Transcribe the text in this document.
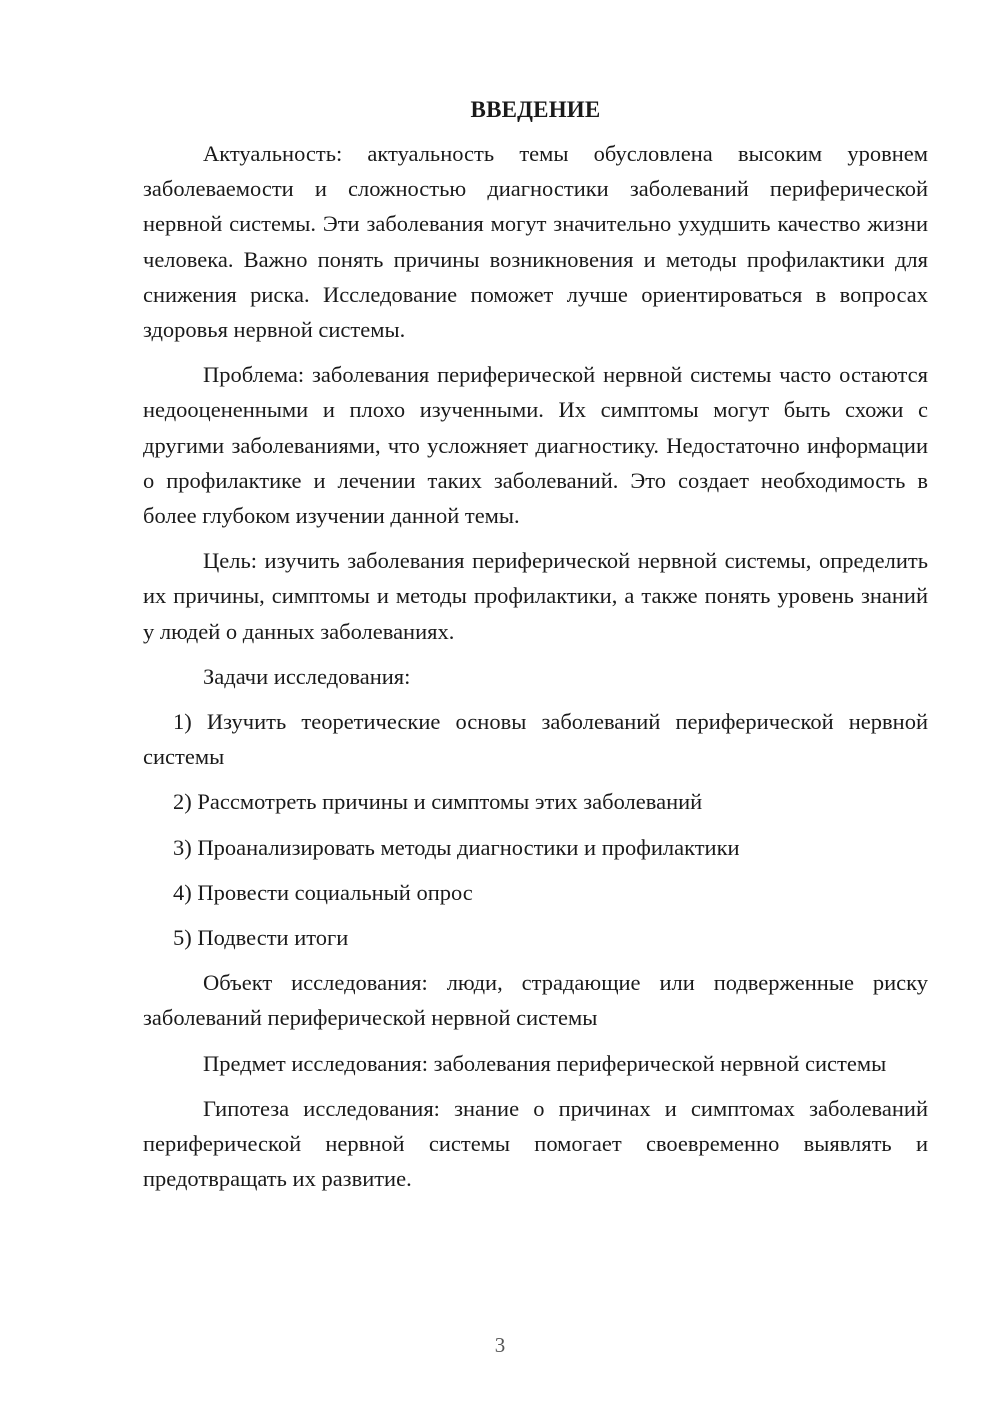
ВВЕДЕНИЕ

Актуальность: актуальность темы обусловлена высоким уровнем заболеваемости и сложностью диагностики заболеваний периферической нервной системы. Эти заболевания могут значительно ухудшить качество жизни человека. Важно понять причины возникновения и методы профилактики для снижения риска. Исследование поможет лучше ориентироваться в вопросах здоровья нервной системы.

Проблема: заболевания периферической нервной системы часто остаются недооцененными и плохо изученными. Их симптомы могут быть схожи с другими заболеваниями, что усложняет диагностику. Недостаточно информации о профилактике и лечении таких заболеваний. Это создает необходимость в более глубоком изучении данной темы.

Цель: изучить заболевания периферической нервной системы, определить их причины, симптомы и методы профилактики, а также понять уровень знаний у людей о данных заболеваниях.

Задачи исследования:

1) Изучить теоретические основы заболеваний периферической нервной системы

2) Рассмотреть причины и симптомы этих заболеваний

3) Проанализировать методы диагностики и профилактики

4) Провести социальный опрос

5) Подвести итоги

Объект исследования: люди, страдающие или подверженные риску заболеваний периферической нервной системы

Предмет исследования: заболевания периферической нервной системы

Гипотеза исследования: знание о причинах и симптомах заболеваний периферической нервной системы помогает своевременно выявлять и предотвращать их развитие.

3
